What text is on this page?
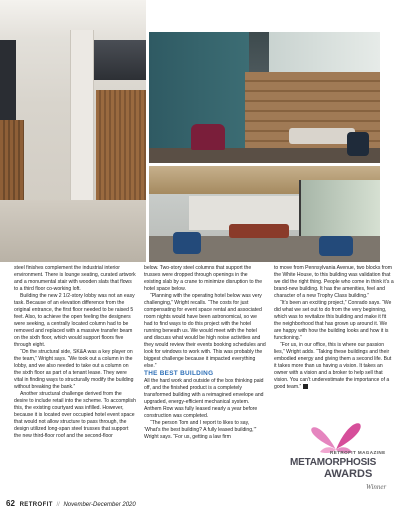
steel finishes complement the industrial interior environment. There is lounge seating, curated artwork and a monumental stair with wooden slats that flows to a third floor co-working loft.

Building the new 2 1/2-story lobby was not an easy task. Because of an elevation difference from the original entrance, the first floor needed to be raised 5 feet. Also, to achieve the open feeling the designers were seeking, a centrally located column had to be removed and replaced with a massive transfer beam on the sixth floor, which would support floors five through eight.

“On the structural side, SK&A was a key player on the team,” Wright says. “We took out a column in the lobby, and we also needed to take out a column on the sixth floor as part of a tenant lease. They were vital in finding ways to structurally modify the building without breaking the bank.”

Another structural challenge derived from the desire to include retail into the scheme. To accomplish this, the existing courtyard was infilled. However, because it is located over occupied hotel event space that would not allow structure to pass through, the design utilized long-span steel trusses that support the new third-floor roof and the second-floor

below. Two-story steel columns that support the trusses were dropped through openings in the existing slab by a crane to minimize disruption to the hotel space below.

“Planning with the operating hotel below was very challenging,” Wright recalls. “The costs for just compensating for event space rental and associated room nights would have been astronomical, so we had to find ways to do this project with the hotel running beneath us. We would meet with the hotel and discuss what would be high noise activities and they would review their events booking schedules and look for windows to work with. This was probably the biggest challenge because it impacted everything else.”

THE BEST BUILDING

All the hard work and outside of the box thinking paid off, and the finished product is a completely transformed building with a reimagined envelope and upgraded, energy-efficient mechanical system. Anthem Row was fully leased nearly a year before construction was completed.

“The person Tom and I report to likes to say, ‘What’s the best building? A fully leased building,’” Wright says. “For us, getting a law firm

to move from Pennsylvania Avenue, two blocks from the White House, to this building was validation that we did the right thing. People who come in think it’s a brand-new building. It has the amenities, feel and character of a new Trophy Class building.”

“It’s been an exciting project,” Conrado says. “We did what we set out to do from the very beginning, which was to revitalize this building and make it fit the neighborhood that has grown up around it. We are happy with how the building looks and how it is functioning.”

“For us, in our office, this is where our passion lies,” Wright adds. “Taking these buildings and their embodied energy and giving them a second life. But it takes more than us having a vision. It takes an owner with a vision and a broker to help sell that vision. You can’t underestimate the importance of a good team.”

RETROFIT MAGAZINE
METAMORPHOSIS
AWARDS
Winner
62 RETROFIT // November-December 2020
